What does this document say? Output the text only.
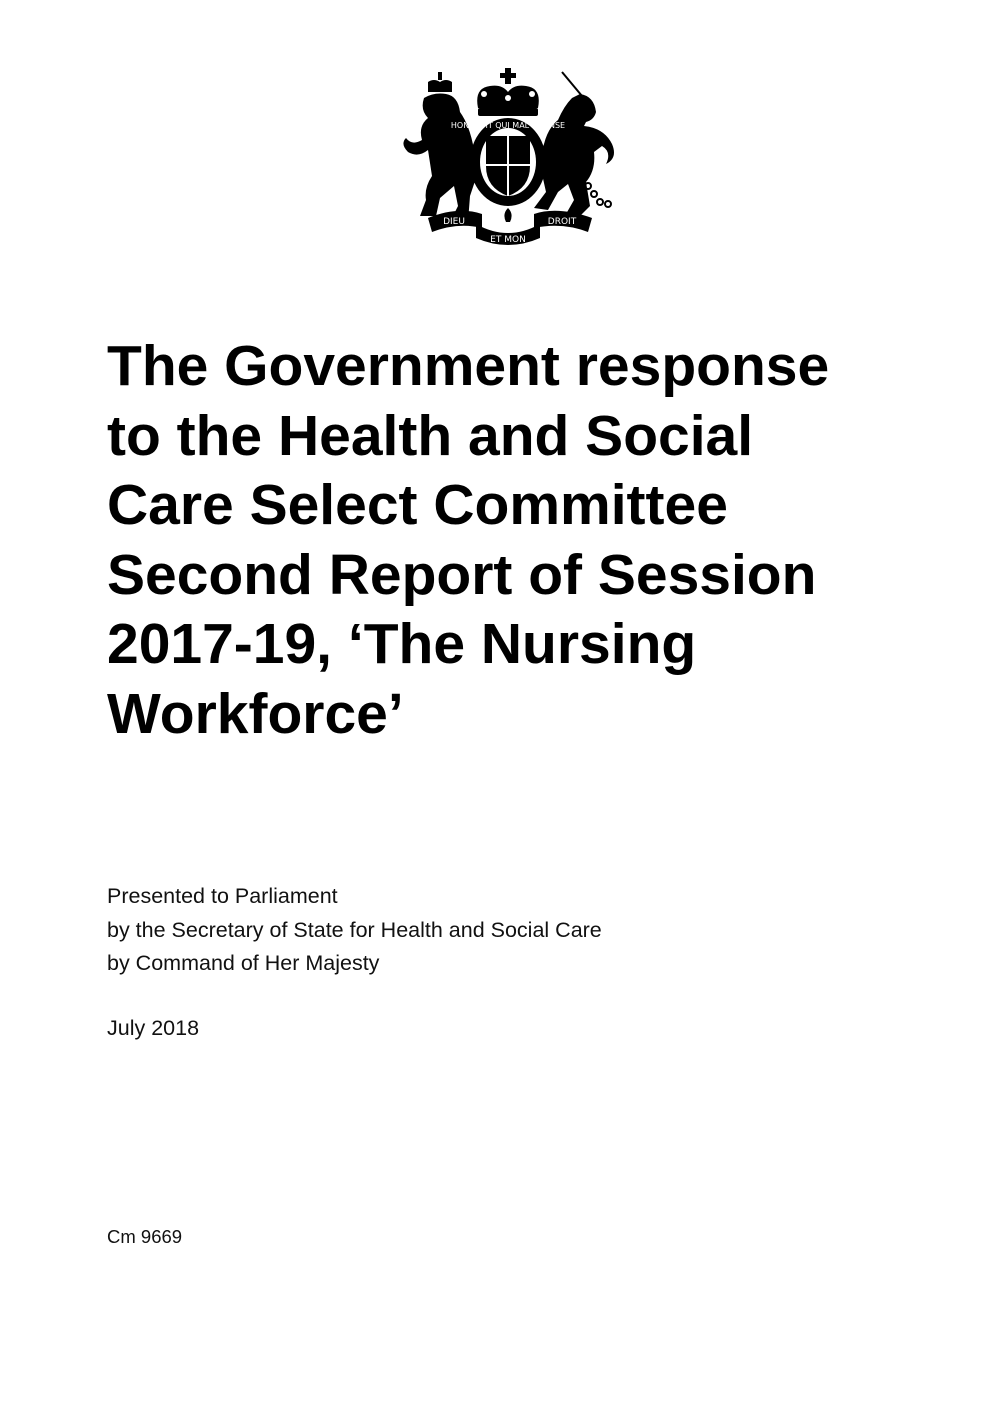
HONI SOIT QUI MAL Y PENSE
DIEU
ET MON
DROIT
The Government response
to the Health and Social
Care Select Committee
Second Report of Session
2017-19, ‘The Nursing
Workforce’
Presented to Parliament
by the Secretary of State for Health and Social Care
by Command of Her Majesty
July 2018
Cm 9669
